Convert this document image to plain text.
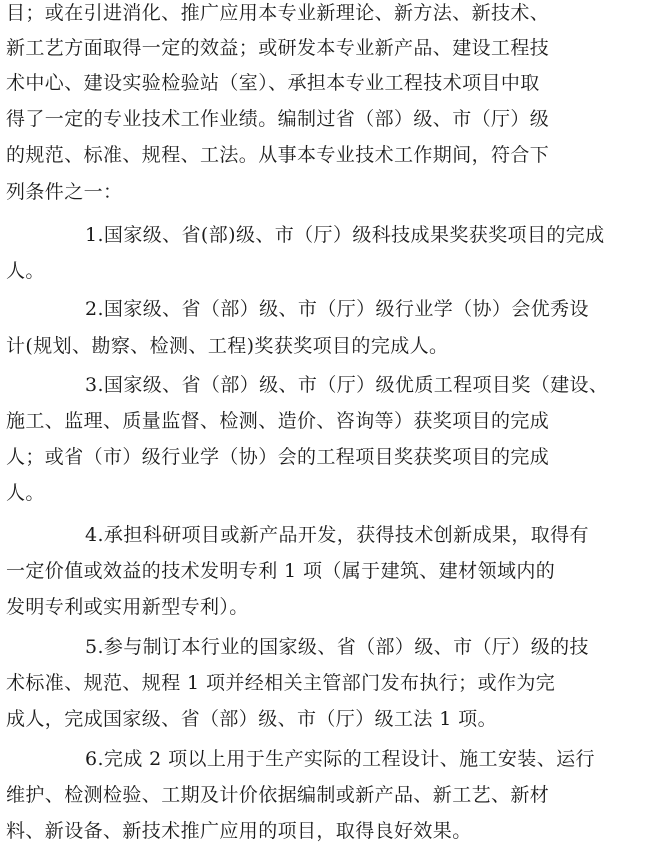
目；或在引进消化、推广应用本专业新理论、新方法、新技术、
新工艺方面取得一定的效益；或研发本专业新产品、建设工程技
术中心、建设实验检验站（室）、承担本专业工程技术项目中取
得了一定的专业技术工作业绩。编制过省（部）级、市（厅）级
的规范、标准、规程、工法。从事本专业技术工作期间，符合下
列条件之一：
1.国家级、省(部)级、市（厅）级科技成果奖获奖项目的完成
人。
2.国家级、省（部）级、市（厅）级行业学（协）会优秀设
计(规划、勘察、检测、工程)奖获奖项目的完成人。
3.国家级、省（部）级、市（厅）级优质工程项目奖（建设、
施工、监理、质量监督、检测、造价、咨询等）获奖项目的完成
人；或省（市）级行业学（协）会的工程项目奖获奖项目的完成
人。
4.承担科研项目或新产品开发，获得技术创新成果，取得有
一定价值或效益的技术发明专利 1 项（属于建筑、建材领域内的
发明专利或实用新型专利）。
5.参与制订本行业的国家级、省（部）级、市（厅）级的技
术标准、规范、规程 1 项并经相关主管部门发布执行；或作为完
成人，完成国家级、省（部）级、市（厅）级工法 1 项。
6.完成 2 项以上用于生产实际的工程设计、施工安装、运行
维护、检测检验、工期及计价依据编制或新产品、新工艺、新材
料、新设备、新技术推广应用的项目，取得良好效果。
